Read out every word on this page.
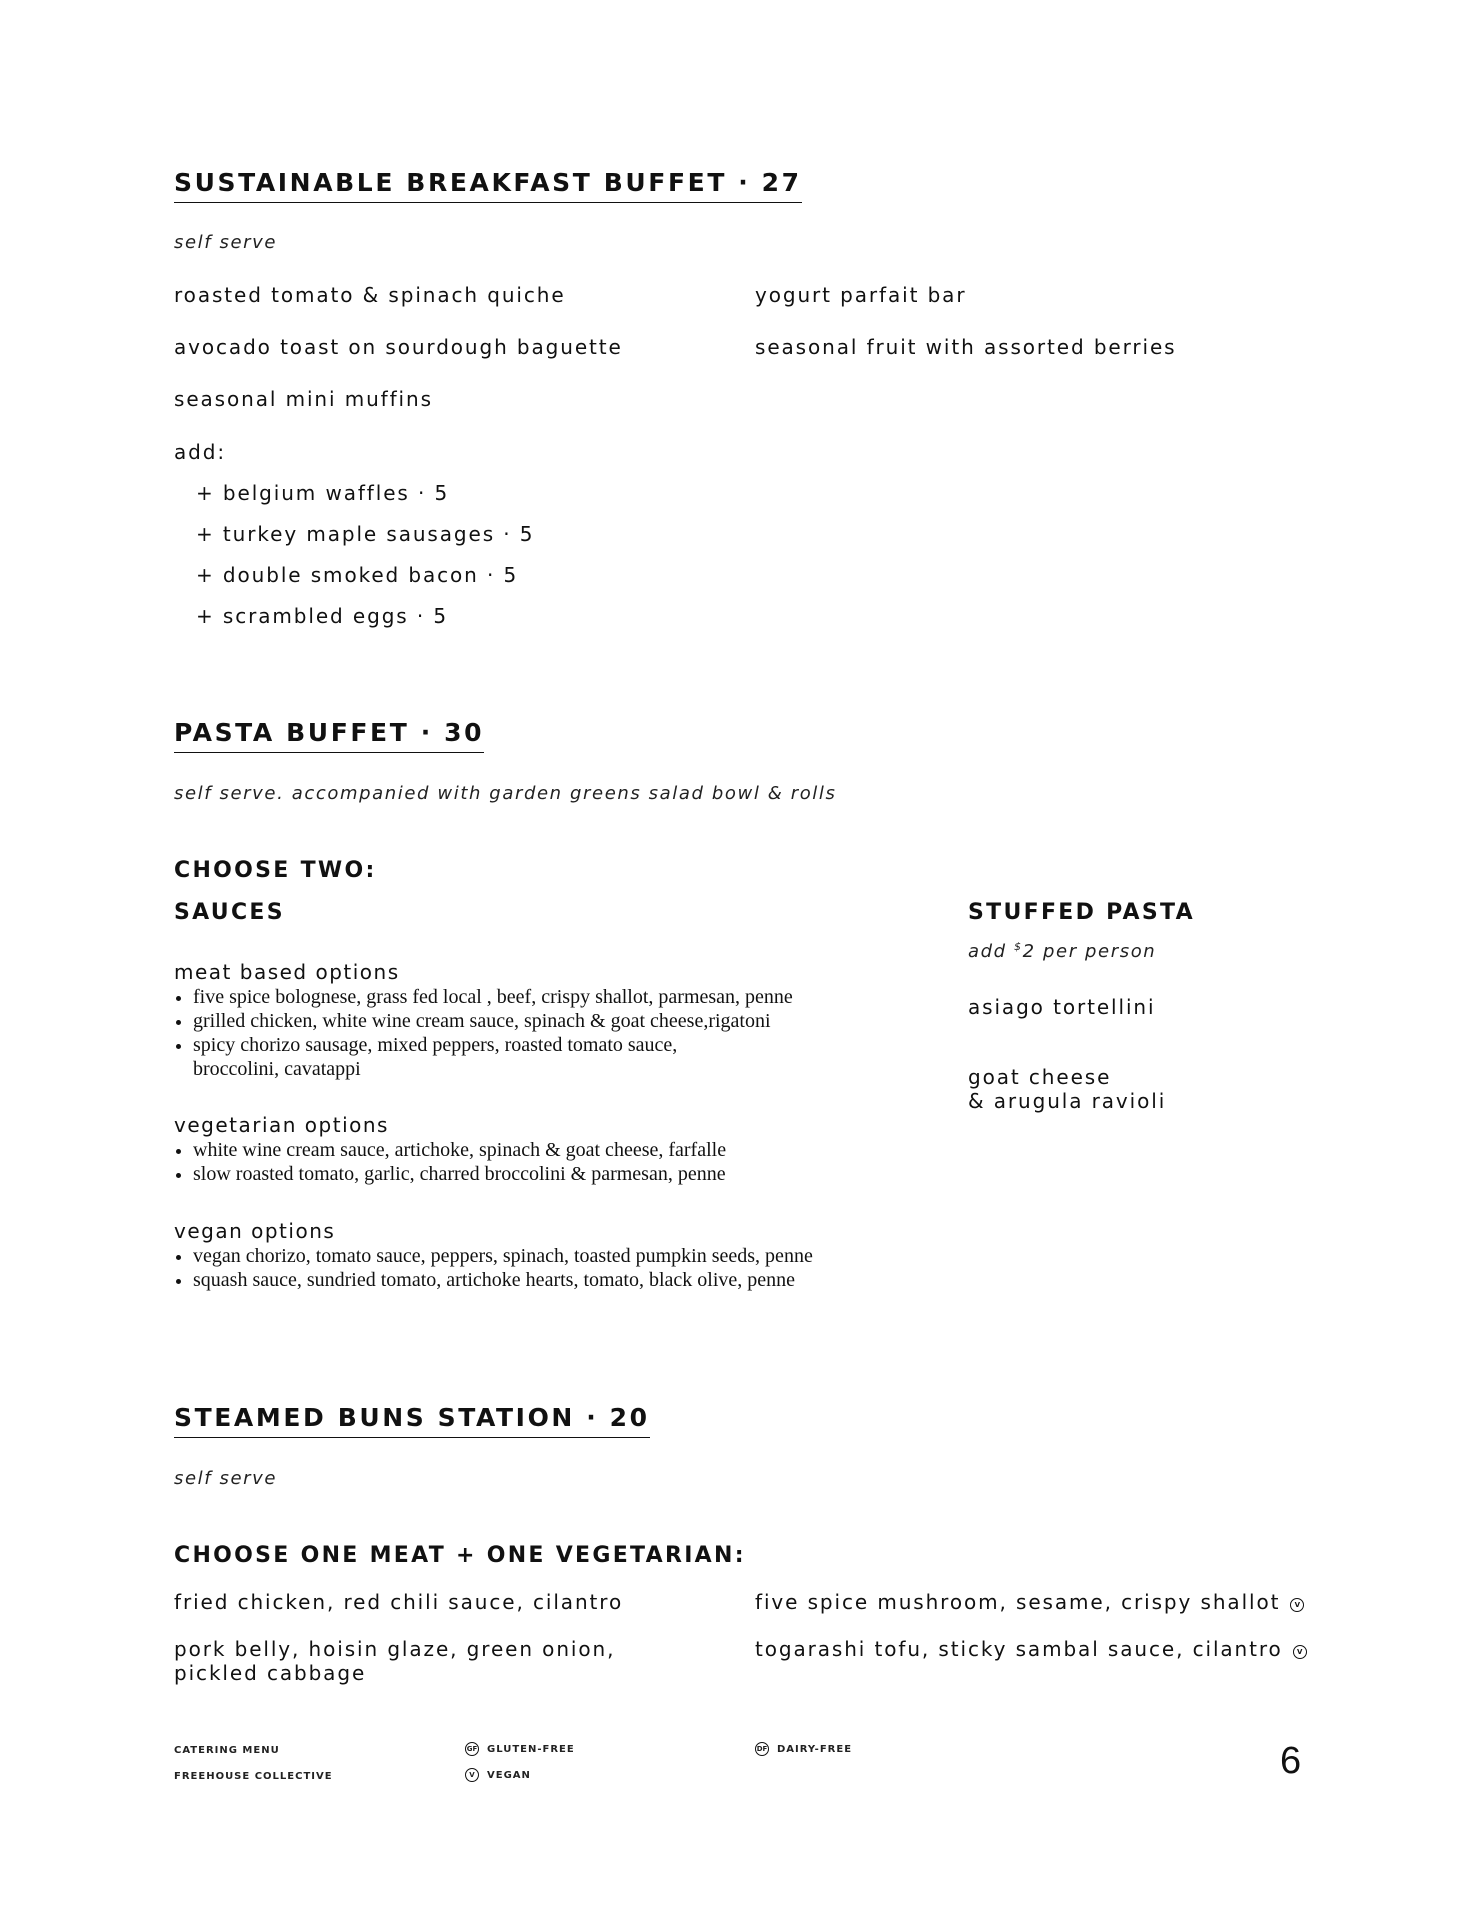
SUSTAINABLE BREAKFAST BUFFET · 27
self serve
roasted tomato & spinach quiche
avocado toast on sourdough baguette
seasonal mini muffins
yogurt parfait bar
seasonal fruit with assorted berries
add:
+ belgium waffles · 5
+ turkey maple sausages · 5
+ double smoked bacon · 5
+ scrambled eggs · 5
PASTA BUFFET · 30
self serve. accompanied with garden greens salad bowl & rolls
CHOOSE TWO:
SAUCES
meat based options
five spice bolognese, grass fed local , beef, crispy shallot, parmesan, penne
grilled chicken, white wine cream sauce, spinach & goat cheese,rigatoni
spicy chorizo sausage, mixed peppers, roasted tomato sauce,
broccolini, cavatappi
vegetarian options
white wine cream sauce, artichoke, spinach & goat cheese, farfalle
slow roasted tomato, garlic, charred broccolini & parmesan, penne
vegan options
vegan chorizo, tomato sauce, peppers, spinach, toasted pumpkin seeds, penne
squash sauce, sundried tomato, artichoke hearts, tomato, black olive, penne
STUFFED PASTA
add $2 per person
asiago tortellini
goat cheese
& arugula ravioli
STEAMED BUNS STATION · 20
self serve
CHOOSE ONE MEAT + ONE VEGETARIAN:
fried chicken, red chili sauce, cilantro
pork belly, hoisin glaze, green onion,
pickled cabbage
five spice mushroom, sesame, crispy shallot V
togarashi tofu, sticky sambal sauce, cilantro V
CATERING MENU
FREEHOUSE COLLECTIVE
GF GLUTEN-FREE
V VEGAN
DF DAIRY-FREE	6
